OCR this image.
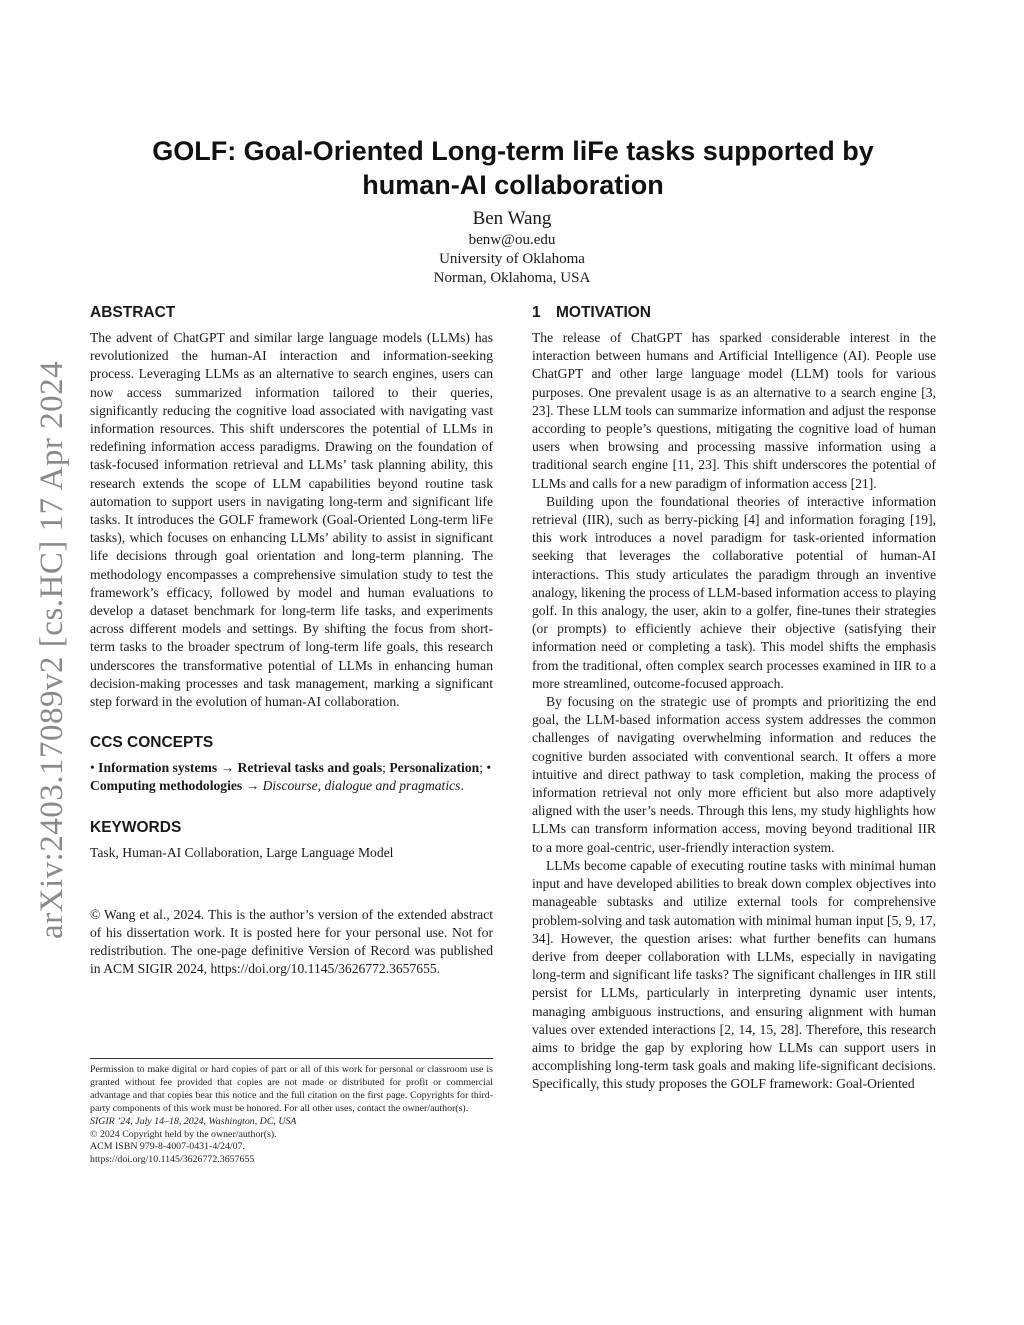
arXiv:2403.17089v2 [cs.HC] 17 Apr 2024
GOLF: Goal-Oriented Long-term liFe tasks supported by human-AI collaboration

Ben Wang

benw@ou.edu

University of Oklahoma

Norman, Oklahoma, USA

ABSTRACT

The advent of ChatGPT and similar large language models (LLMs) has revolutionized the human-AI interaction and information-seeking process. Leveraging LLMs as an alternative to search engines, users can now access summarized information tailored to their queries, significantly reducing the cognitive load associated with navigating vast information resources. This shift underscores the potential of LLMs in redefining information access paradigms. Drawing on the foundation of task-focused information retrieval and LLMs’ task planning ability, this research extends the scope of LLM capabilities beyond routine task automation to support users in navigating long-term and significant life tasks. It introduces the GOLF framework (Goal-Oriented Long-term liFe tasks), which focuses on enhancing LLMs’ ability to assist in significant life decisions through goal orientation and long-term planning. The methodology encompasses a comprehensive simulation study to test the framework’s efficacy, followed by model and human evaluations to develop a dataset benchmark for long-term life tasks, and experiments across different models and settings. By shifting the focus from short-term tasks to the broader spectrum of long-term life goals, this research underscores the transformative potential of LLMs in enhancing human decision-making processes and task management, marking a significant step forward in the evolution of human-AI collaboration.

CCS CONCEPTS

• Information systems → Retrieval tasks and goals; Personalization; • Computing methodologies → Discourse, dialogue and pragmatics.

KEYWORDS

Task, Human-AI Collaboration, Large Language Model

© Wang et al., 2024. This is the author’s version of the extended abstract of his dissertation work. It is posted here for your personal use. Not for redistribution. The one-page definitive Version of Record was published in ACM SIGIR 2024, https://doi.org/10.1145/3626772.3657655.

Permission to make digital or hard copies of part or all of this work for personal or classroom use is granted without fee provided that copies are not made or distributed for profit or commercial advantage and that copies bear this notice and the full citation on the first page. Copyrights for third-party components of this work must be honored. For all other uses, contact the owner/author(s).

SIGIR ’24, July 14–18, 2024, Washington, DC, USA

© 2024 Copyright held by the owner/author(s).

ACM ISBN 979-8-4007-0431-4/24/07.

https://doi.org/10.1145/3626772.3657655

1 MOTIVATION

The release of ChatGPT has sparked considerable interest in the interaction between humans and Artificial Intelligence (AI). People use ChatGPT and other large language model (LLM) tools for various purposes. One prevalent usage is as an alternative to a search engine [3, 23]. These LLM tools can summarize information and adjust the response according to people’s questions, mitigating the cognitive load of human users when browsing and processing massive information using a traditional search engine [11, 23]. This shift underscores the potential of LLMs and calls for a new paradigm of information access [21].

Building upon the foundational theories of interactive information retrieval (IIR), such as berry-picking [4] and information foraging [19], this work introduces a novel paradigm for task-oriented information seeking that leverages the collaborative potential of human-AI interactions. This study articulates the paradigm through an inventive analogy, likening the process of LLM-based information access to playing golf. In this analogy, the user, akin to a golfer, fine-tunes their strategies (or prompts) to efficiently achieve their objective (satisfying their information need or completing a task). This model shifts the emphasis from the traditional, often complex search processes examined in IIR to a more streamlined, outcome-focused approach.

By focusing on the strategic use of prompts and prioritizing the end goal, the LLM-based information access system addresses the common challenges of navigating overwhelming information and reduces the cognitive burden associated with conventional search. It offers a more intuitive and direct pathway to task completion, making the process of information retrieval not only more efficient but also more adaptively aligned with the user’s needs. Through this lens, my study highlights how LLMs can transform information access, moving beyond traditional IIR to a more goal-centric, user-friendly interaction system.

LLMs become capable of executing routine tasks with minimal human input and have developed abilities to break down complex objectives into manageable subtasks and utilize external tools for comprehensive problem-solving and task automation with minimal human input [5, 9, 17, 34]. However, the question arises: what further benefits can humans derive from deeper collaboration with LLMs, especially in navigating long-term and significant life tasks? The significant challenges in IIR still persist for LLMs, particularly in interpreting dynamic user intents, managing ambiguous instructions, and ensuring alignment with human values over extended interactions [2, 14, 15, 28]. Therefore, this research aims to bridge the gap by exploring how LLMs can support users in accomplishing long-term task goals and making life-significant decisions. Specifically, this study proposes the GOLF framework: Goal-Oriented
